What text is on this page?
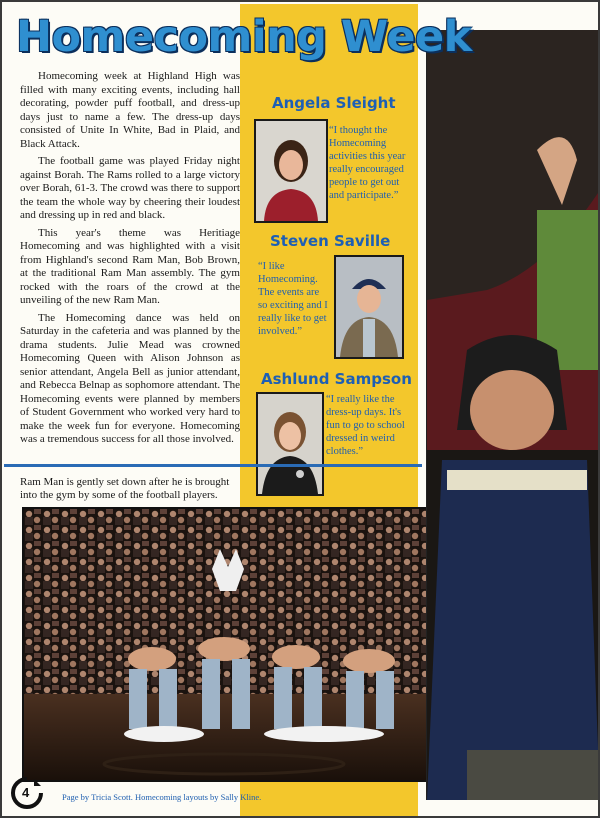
Homecoming Week

Homecoming week at Highland High was filled with many exciting events, including hall decorating, powder puff football, and dress-up days just to name a few. The dress-up days consisted of Unite In White, Bad in Plaid, and Black Attack.

The football game was played Friday night against Borah. The Rams rolled to a large victory over Borah, 61-3. The crowd was there to support the team the whole way by cheering their loudest and dressing up in red and black.

This year's theme was Heritiage Homecoming and was highlighted with a visit from Highland's second Ram Man, Bob Brown, at the traditional Ram Man assembly. The gym rocked with the roars of the crowd at the unveiling of the new Ram Man.

The Homecoming dance was held on Saturday in the cafeteria and was planned by the drama students. Julie Mead was crowned Homecoming Queen with Alison Johnson as senior attendant, Angela Bell as junior attendant, and Rebecca Belnap as sophomore attendant. The Homecoming events were planned by members of Student Government who worked very hard to make the week fun for everyone. Homecoming was a tremendous success for all those involved.

Angela Sleight
“I thought the Homecoming activities this year really encouraged people to get out and participate.”
Steven Saville
“I like Homecoming. The events are so exciting and I really like to get involved.”
Ashlund Sampson
“I really like the dress-up days. It's fun to go to school dressed in weird clothes.”
Ram Man is gently set down after he is brought into the gym by some of the football players.
4	Page by Tricia Scott. Homecoming layouts by Sally Kline.
